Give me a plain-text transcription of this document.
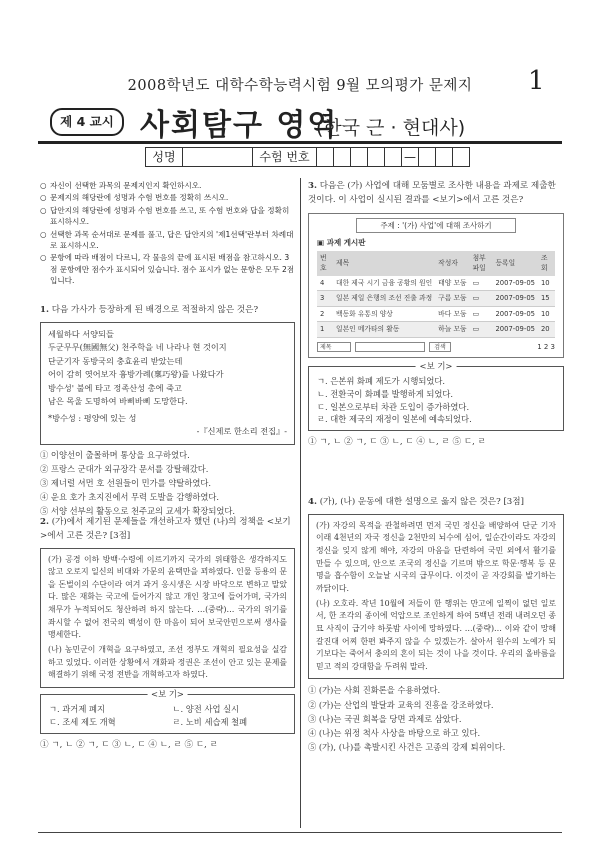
2008학년도 대학수학능력시험 9월 모의평가 문제지	1
제 4 교시 사회탐구 영역
(한국 근 · 현대사)
성명	수험 번호	—
○ 자신이 선택한 과목의 문제지인지 확인하시오.
○ 문제지의 해당란에 성명과 수험 번호를 정확히 쓰시오.
○ 답안지의 해당란에 성명과 수험 번호를 쓰고, 또 수험 번호와 답을 정확히 표시하시오.
○ 선택한 과목 순서대로 문제를 풀고, 답은 답안지의 '제1선택'란부터 차례대로 표시하시오.
○ 문항에 따라 배점이 다르니, 각 물음의 끝에 표시된 배점을 참고하시오. 3점 문항에만 점수가 표시되어 있습니다. 점수 표시가 없는 문항은 모두 2점입니다.
1. 다음 가사가 등장하게 된 배경으로 적절하지 않은 것은?
세월하다 서양되들
두군무무(無國無父) 천주학을 네 나라나 현 것이지
단군기자 동방국의 충효윤리 받았는데
어이 감히 엿어보자 흉방가례(稟巧왕)를 나왔다가
방수성' 불에 타고 정족산성 총에 죽고
남은 목울 도명하여 바삐바삐 도망한다.
*방수성 : 평양에 있는 성
-『신제로 한소리 전집』-
① 이양선이 출몰하며 통상을 요구하였다.
② 프랑스 군대가 외규장각 문서를 강탈해갔다.
③ 제너럴 셔먼 호 선원들이 민가를 약탈하였다.
④ 운요 호가 초지진에서 무력 도발을 감행하였다.
⑤ 서양 선부의 활동으로 천주교의 교세가 확장되었다.
2. (가)에서 제기된 문제들을 개선하고자 했던 (나)의 정책을 <보기>에서 고른 것은? [3점]
(가) 공경 이하 방백·수령에 이르기까지 국가의 위태함은 생각하지도 않고 오로지 일신의 비대와 가문의 윤택만을 꾀하였다. 인물 등용의 문을 돈벌이의 수단이라 여겨 과거 응시생은 시장 바닥으로 변하고 말았다. 많은 재화는 국고에 들어가지 않고 개인 창고에 들어가며, 국가의 채무가 누적되어도 청산하려 하지 않는다. …(중략)… 국가의 위기를 좌시할 수 없어 전국의 백성이 한 마음이 되어 보국안민으로써 생사를 맹세한다.
(나) 농민군이 개혁을 요구하였고, 조선 정부도 개혁의 필요성을 실감하고 있었다. 이러한 상황에서 개화파 정권은 조선이 안고 있는 문제를 해결하기 위해 국정 전반을 개혁하고자 하였다.
<보 기>
ㄱ. 과거제 폐지	ㄴ. 양전 사업 실시
ㄷ. 조세 제도 개혁	ㄹ. 노비 세습제 철폐
① ㄱ, ㄴ ② ㄱ, ㄷ ③ ㄴ, ㄷ ④ ㄴ, ㄹ ⑤ ㄷ, ㄹ
3. 다음은 (가) 사업에 대해 모둠별로 조사한 내용을 과제로 제출한 것이다. 이 사업이 실시된 결과를 <보기>에서 고른 것은?
주제 : '(가) 사업'에 대해 조사하기
▣ 과제 게시판
번호	제목	작성자	첨부파일	등록일	조회
4	대한 제국 시기 금융 공황의 원인	태양 모둠	▭	2007-09-05	10
3	일본 제일 은행의 조선 진출 과정	구름 모둠	▭	2007-09-05	15
2	백동화 유통의 양상	바다 모둠	▭	2007-09-05	10
1	일본인 메가타의 활동	하늘 모둠	▭	2007-09-05	20
제목	검색	1 2 3
<보 기>
ㄱ. 은본위 화폐 제도가 시행되었다.
ㄴ. 전환국이 화폐를 발행하게 되었다.
ㄷ. 일본으로부터 차관 도입이 증가하였다.
ㄹ. 대한 제국의 재정이 일본에 예속되었다.
① ㄱ, ㄴ ② ㄱ, ㄷ ③ ㄴ, ㄷ ④ ㄴ, ㄹ ⑤ ㄷ, ㄹ
4. (가), (나) 운동에 대한 설명으로 옳지 않은 것은? [3점]
(가) 자강의 목적을 관철하려면 먼저 국민 정신을 배양하여 단군 기자 이래 4천년의 자국 정신을 2천만의 뇌수에 심어, 일순간이라도 자강의 정신을 잊지 않게 해야, 자강의 마음을 단련하여 국민 외에서 활기를 만들 수 있으며, 안으로 조국의 정신을 기르며 밖으로 학문·행복 등 문명을 흡수함이 오늘날 시국의 급무이다. 이것이 곧 자강회를 발기하는 까닭이다.
(나) 오호라. 작년 10월에 저들이 한 행위는 만고에 일찍이 없던 일로서, 한 조각의 종이에 억압으로 조인하게 하여 5백년 전래 내려오던 종묘 사직이 급기야 하룻밤 사이에 망하였다. …(중략)… 이와 같이 망해 갈진대 어찌 한편 봐주지 않을 수 있겠는가. 살아서 원수의 노예가 되기보다는 죽어서 충의의 혼이 되는 것이 나을 것이다. 우리의 올바름을 믿고 적의 강대함을 두려워 말라.
① (가)는 사회 진화론을 수용하였다.
② (가)는 산업의 발달과 교육의 진흥을 강조하였다.
③ (나)는 국권 회복을 당면 과제로 삼았다.
④ (나)는 위정 척사 사상을 바탕으로 하고 있다.
⑤ (가), (나)를 촉발시킨 사건은 고종의 강제 퇴위이다.
